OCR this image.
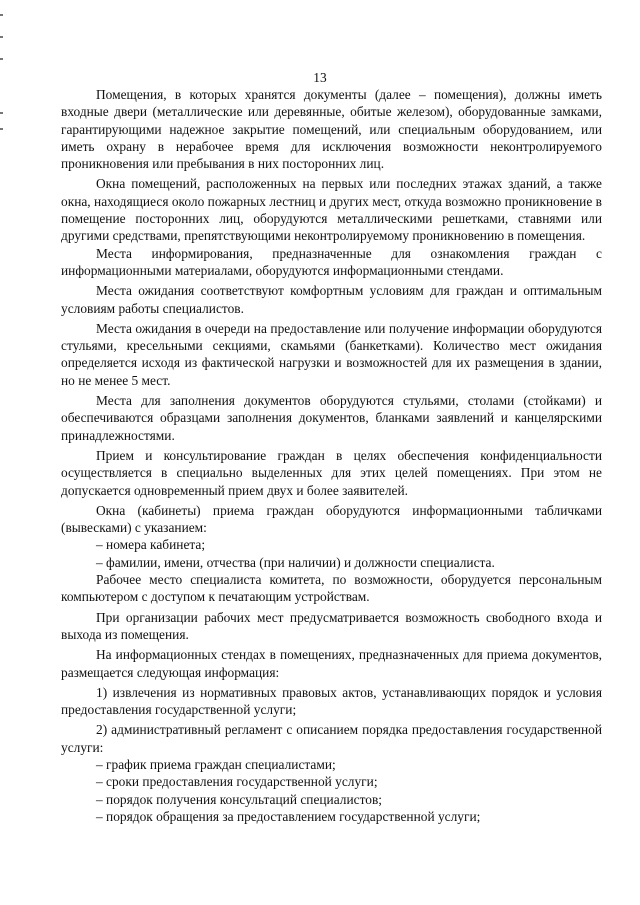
13

Помещения, в которых хранятся документы (далее – помещения), должны иметь входные двери (металлические или деревянные, обитые железом), оборудованные замками, гарантирующими надежное закрытие помещений, или специальным оборудованием, или иметь охрану в нерабочее время для исключения возможности неконтролируемого проникновения или пребывания в них посторонних лиц.

Окна помещений, расположенных на первых или последних этажах зданий, а также окна, находящиеся около пожарных лестниц и других мест, откуда возможно проникновение в помещение посторонних лиц, оборудуются металлическими решетками, ставнями или другими средствами, препятствующими неконтролируемому проникновению в помещения.

Места информирования, предназначенные для ознакомления граждан с информационными материалами, оборудуются информационными стендами.

Места ожидания соответствуют комфортным условиям для граждан и оптимальным условиям работы специалистов.

Места ожидания в очереди на предоставление или получение информации оборудуются стульями, кресельными секциями, скамьями (банкетками). Количество мест ожидания определяется исходя из фактической нагрузки и возможностей для их размещения в здании, но не менее 5 мест.

Места для заполнения документов оборудуются стульями, столами (стойками) и обеспечиваются образцами заполнения документов, бланками заявлений и канцелярскими принадлежностями.

Прием и консультирование граждан в целях обеспечения конфиденциальности осуществляется в специально выделенных для этих целей помещениях. При этом не допускается одновременный прием двух и более заявителей.

Окна (кабинеты) приема граждан оборудуются информационными табличками (вывесками) с указанием:

– номера кабинета;

– фамилии, имени, отчества (при наличии) и должности специалиста.

Рабочее место специалиста комитета, по возможности, оборудуется персональным компьютером с доступом к печатающим устройствам.

При организации рабочих мест предусматривается возможность свободного входа и выхода из помещения.

На информационных стендах в помещениях, предназначенных для приема документов, размещается следующая информация:

1) извлечения из нормативных правовых актов, устанавливающих порядок и условия предоставления государственной услуги;

2) административный регламент с описанием порядка предоставления государственной услуги:

– график приема граждан специалистами;

– сроки предоставления государственной услуги;

– порядок получения консультаций специалистов;

– порядок обращения за предоставлением государственной услуги;
